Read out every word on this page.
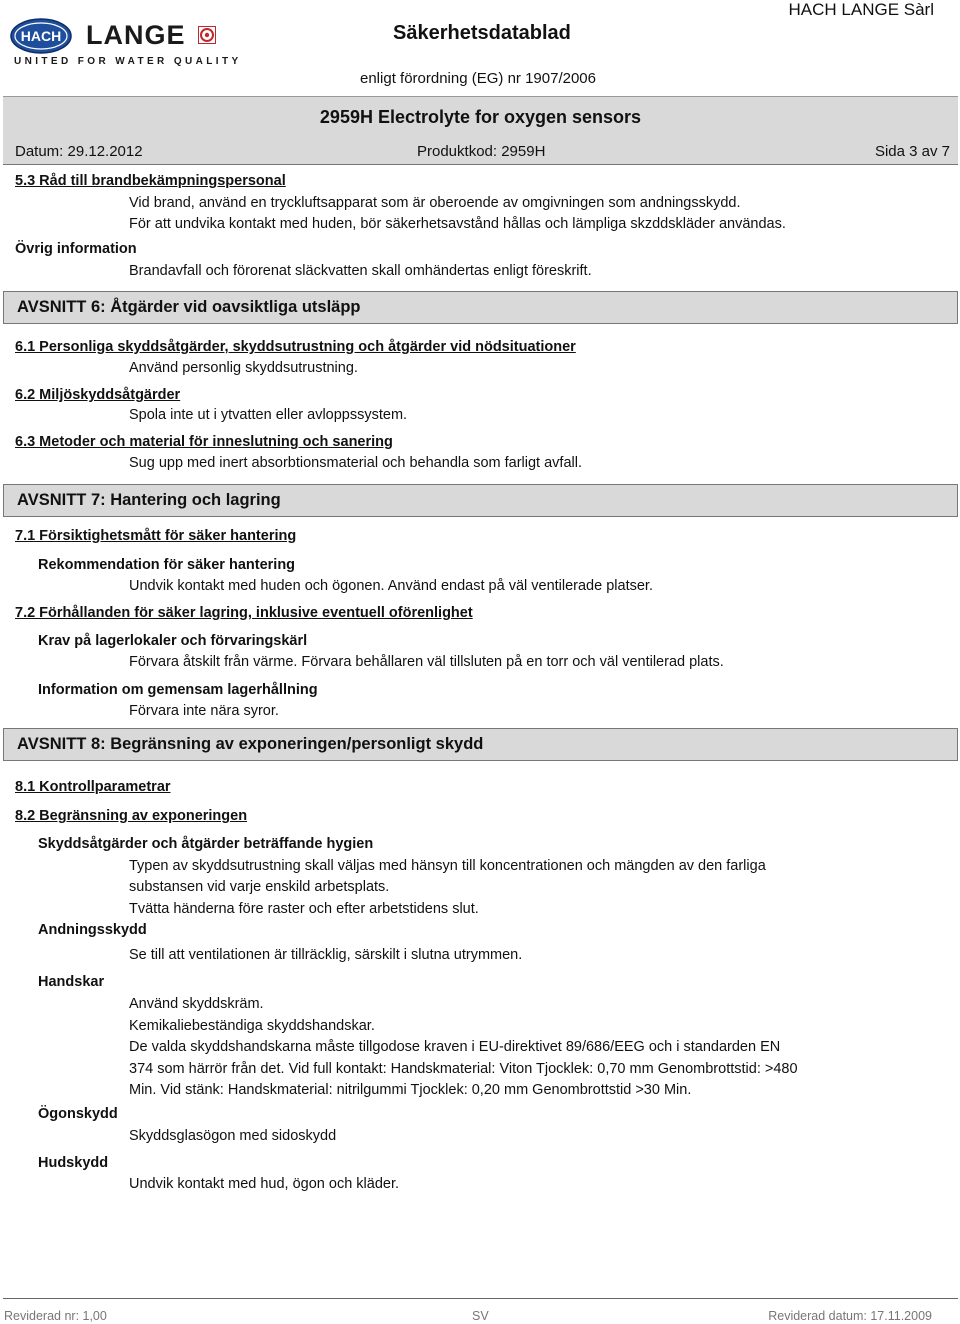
HACH LANGE
UNITED FOR WATER QUALITY
Säkerhetsdatablad
HACH LANGE Sàrl
enligt förordning (EG) nr 1907/2006
2959H Electrolyte for oxygen sensors
Datum: 29.12.2012	Produktkod: 2959H	Sida 3 av 7
5.3 Råd till brandbekämpningspersonal
Vid brand, använd en tryckluftsapparat som är oberoende av omgivningen som andningsskydd.
För att undvika kontakt med huden, bör säkerhetsavstånd hållas och lämpliga skzddskläder användas.
Övrig information
Brandavfall och förorenat släckvatten skall omhändertas enligt föreskrift.
AVSNITT 6: Åtgärder vid oavsiktliga utsläpp
6.1 Personliga skyddsåtgärder, skyddsutrustning och åtgärder vid nödsituationer
Använd personlig skyddsutrustning.
6.2 Miljöskyddsåtgärder
Spola inte ut i ytvatten eller avloppssystem.
6.3 Metoder och material för inneslutning och sanering
Sug upp med inert absorbtionsmaterial och behandla som farligt avfall.
AVSNITT 7: Hantering och lagring
7.1 Försiktighetsmått för säker hantering
Rekommendation för säker hantering
Undvik kontakt med huden och ögonen. Använd endast på väl ventilerade platser.
7.2 Förhållanden för säker lagring, inklusive eventuell oförenlighet
Krav på lagerlokaler och förvaringskärl
Förvara åtskilt från värme. Förvara behållaren väl tillsluten på en torr och väl ventilerad plats.
Information om gemensam lagerhållning
Förvara inte nära syror.
AVSNITT 8: Begränsning av exponeringen/personligt skydd
8.1 Kontrollparametrar
8.2 Begränsning av exponeringen
Skyddsåtgärder och åtgärder beträffande hygien
Typen av skyddsutrustning skall väljas med hänsyn till koncentrationen och mängden av den farliga
substansen vid varje enskild arbetsplats.
Tvätta händerna före raster och efter arbetstidens slut.
Andningsskydd
Se till att ventilationen är tillräcklig, särskilt i slutna utrymmen.
Handskar
Använd skyddskräm.
Kemikaliebeständiga skyddshandskar.
De valda skyddshandskarna måste tillgodose kraven i EU-direktivet 89/686/EEG och i standarden EN
374 som härrör från det. Vid full kontakt: Handskmaterial: Viton Tjocklek: 0,70 mm Genombrottstid: >480
Min. Vid stänk: Handskmaterial: nitrilgummi Tjocklek: 0,20 mm Genombrottstid >30 Min.
Ögonskydd
Skyddsglasögon med sidoskydd
Hudskydd
Undvik kontakt med hud, ögon och kläder.
Reviderad nr: 1,00	SV	Reviderad datum: 17.11.2009
